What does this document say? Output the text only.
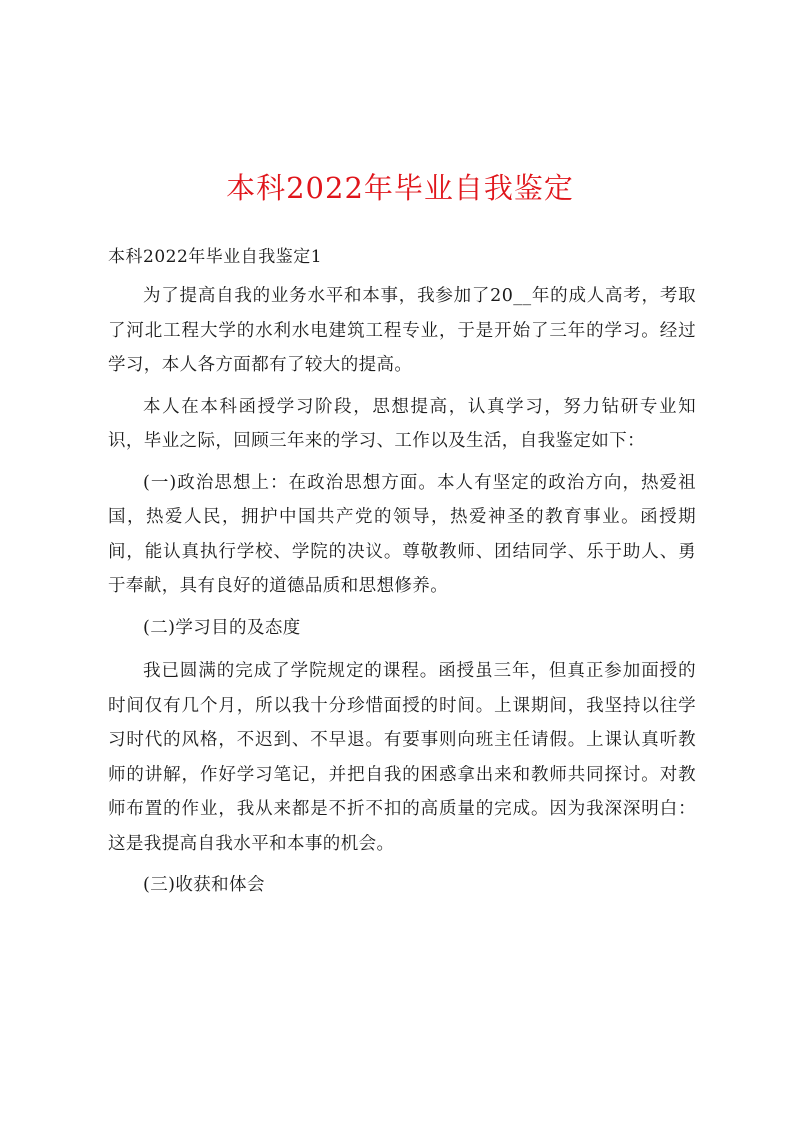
本科2022年毕业自我鉴定

本科2022年毕业自我鉴定1

为了提高自我的业务水平和本事，我参加了20__年的成人高考，考取了河北工程大学的水利水电建筑工程专业，于是开始了三年的学习。经过学习，本人各方面都有了较大的提高。

本人在本科函授学习阶段，思想提高，认真学习，努力钻研专业知识，毕业之际，回顾三年来的学习、工作以及生活，自我鉴定如下：

(一)政治思想上：在政治思想方面。本人有坚定的政治方向，热爱祖国，热爱人民，拥护中国共产党的领导，热爱神圣的教育事业。函授期间，能认真执行学校、学院的决议。尊敬教师、团结同学、乐于助人、勇于奉献，具有良好的道德品质和思想修养。

(二)学习目的及态度

我已圆满的完成了学院规定的课程。函授虽三年，但真正参加面授的时间仅有几个月，所以我十分珍惜面授的时间。上课期间，我坚持以往学习时代的风格，不迟到、不早退。有要事则向班主任请假。上课认真听教师的讲解，作好学习笔记，并把自我的困惑拿出来和教师共同探讨。对教师布置的作业，我从来都是不折不扣的高质量的完成。因为我深深明白：这是我提高自我水平和本事的机会。

(三)收获和体会
